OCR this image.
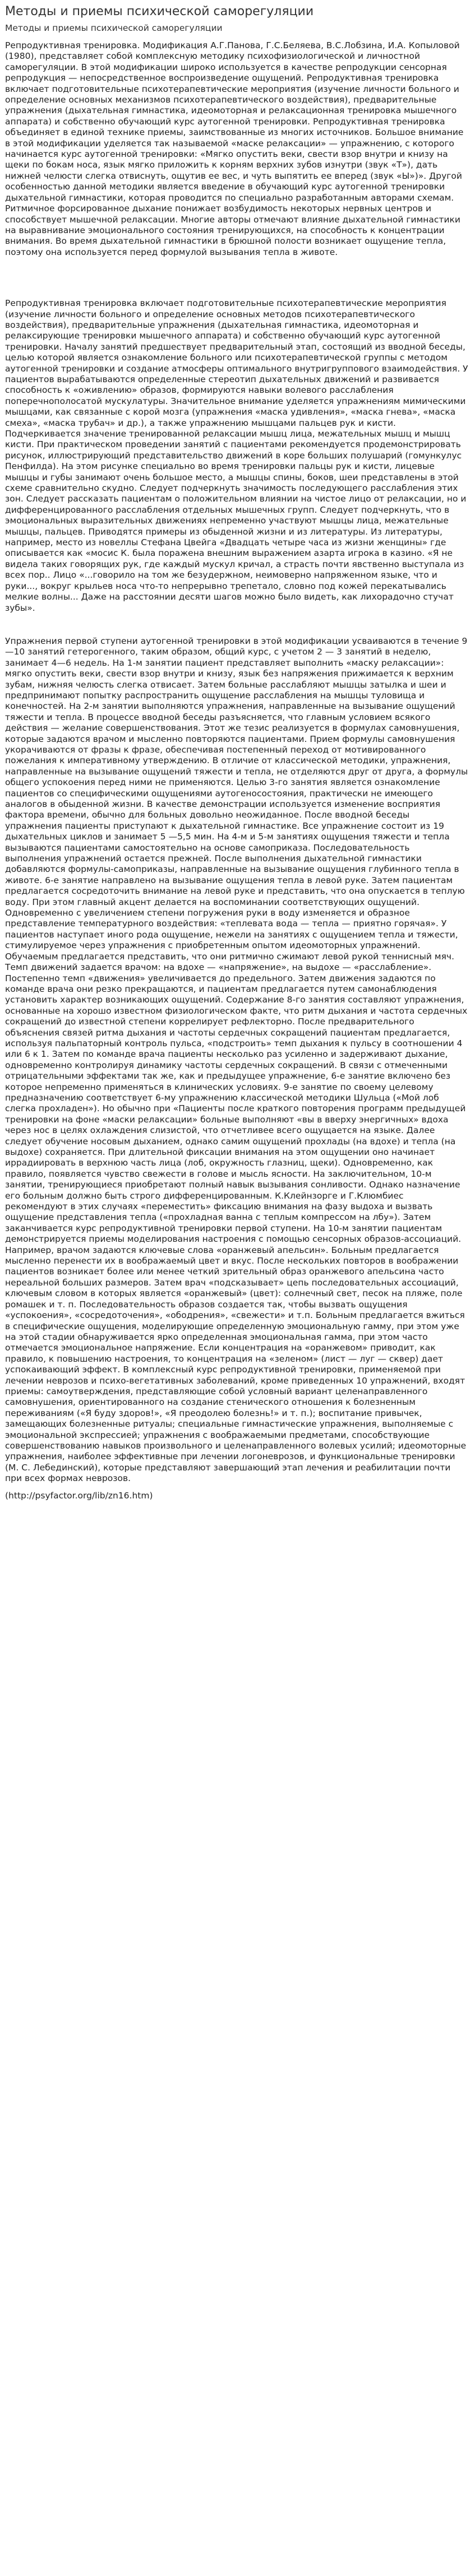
Методы и приемы психической саморегуляции
Методы и приемы психической саморегуляции

Репродуктивная тренировка. Модификация А.Г.Панова, Г.С.Беляева, В.С.Лобзина, И.А. Копыловой (1980), представляет собой комплексную методику психофизиологической и личностной саморегуляции. В этой модификации широко используется в качестве репродукции сенсорная репродукция — непосредственное воспроизведение ощущений. Репродуктивная тренировка включает подготовительные психотерапевтические мероприятия (изучение личности больного и определение основных механизмов психотерапевтического воздействия), предварительные упражнения (дыхательная гимнастика, идеомоторная и релаксационная тренировка мышечного аппарата) и собственно обучающий курс аутогенной тренировки. Репродуктивная тренировка объединяет в единой технике приемы, заимствованные из многих источников. Большое внимание в этой модификации уделяется так называемой «маске релаксации» — упражнению, с которого начинается курс аутогенной тренировки: «Мягко опустить веки, свести взор внутри и книзу на щеки по бокам носа, язык мягко приложить к корням верхних зубов изнутри (звук «Т»), дать нижней челюсти слегка отвиснуть, ощутив ее вес, и чуть выпятить ее вперед (звук «Ы»)». Другой особенностью данной методики является введение в обучающий курс аутогенной тренировки дыхательной гимнастики, которая проводится по специально разработанным авторами схемам. Ритмичное форсированное дыхание понижает возбудимость некоторых нервных центров и способствует мышечной релаксации. Многие авторы отмечают влияние дыхательной гимнастики на выравнивание эмоционального состояния тренирующихся, на способность к концентрации внимания. Во время дыхательной гимнастики в брюшной полости возникает ощущение тепла, поэтому она используется перед формулой вызывания тепла в животе.

Репродуктивная тренировка включает подготовительные психотерапевтические мероприятия (изучение личности больного и определение основных методов психотерапевтического воздействия), предварительные упражнения (дыхательная гимнастика, идеомоторная и релаксирующие тренировки мышечного аппарата) и собственно обучающий курс аутогенной тренировки. Началу занятий предшествует предварительный этап, состоящий из вводной беседы, целью которой является ознакомление больного или психотерапевтической группы с методом аутогенной тренировки и создание атмосферы оптимального внутригруппового взаимодействия. У пациентов вырабатываются определенные стереотип дыхательных движений и развивается способность к «оживлению» образов, формируются навыки волевого расслабления поперечнополосатой мускулатуры. Значительное внимание уделяется упражнениям мимическими мышцами, как связанные с корой мозга (упражнения «маска удивления», «маска гнева», «маска смеха», «маска трубач» и др.), а также упражнению мышцами пальцев рук и кисти. Подчеркивается значение тренированной релаксации мышц лица, межательных мышц и мышц кисти. При практическом проведении занятий с пациентами рекомендуется продемонстрировать рисунок, иллюстрирующий представительство движений в коре больших полушарий (гомункулус Пенфилда). На этом рисунке специально во время тренировки пальцы рук и кисти, лицевые мышцы и губы занимают очень большое место, а мышцы спины, боков, шеи представлены в этой схеме сравнительно скудно. Следует подчеркнуть значимость последующего расслабления этих зон. Следует рассказать пациентам о положительном влиянии на чистое лицо от релаксации, но и дифференцированного расслабления отдельных мышечных групп. Следует подчеркнуть, что в эмоциональных выразительных движениях непременно участвуют мышцы лица, межательные мышцы, пальцев. Приводятся примеры из обыденной жизни и из литературы. Из литературы, например, место из новеллы Стефана Цвейга «Двадцать четыре часа из жизни женщины» где описывается как «мосис К. была поражена внешним выражением азарта игрока в казино. «Я не видела таких говорящих рук, где каждый мускул кричал, а страсть почти явственно выступала из всех пор.. Лицо «...говорило на том же безудержном, неимоверно напряженном языке, что и руки..., вокруг крыльев носа что-то непрерывно трепетало, словно под кожей перекатывались мелкие волны... Даже на расстоянии десяти шагов можно было видеть, как лихорадочно стучат зубы».

Упражнения первой ступени аутогенной тренировки в этой модификации усваиваются в течение 9—10 занятий гетерогенного, таким образом, общий курс, с учетом 2 — 3 занятий в неделю, занимает 4—6 недель. На 1-м занятии пациент представляет выполнить «маску релаксации»: мягко опустить веки, свести взор внутри и книзу, язык без напряжения прижимается к верхним зубам, нижняя челюсть слегка отвисает. Затем больные расслабляют мышцы затылка и шеи и предпринимают попытку распространить ощущение расслабления на мышцы туловища и конечностей. На 2-м занятии выполняются упражнения, направленные на вызывание ощущений тяжести и тепла. В процессе вводной беседы разъясняется, что главным условием всякого действия — желание совершенствования. Этот же тезис реализуется в формулах самовнушения, которые задаются врачом и мысленно повторяются пациентами. Прием формулы самовнушения укорачиваются от фразы к фразе, обеспечивая постепенный переход от мотивированного пожелания к императивному утверждению. В отличие от классической методики, упражнения, направленные на вызывание ощущений тяжести и тепла, не отделяются друг от друга, а формулы общего успокоения перед ними не применяются. Целью 3-го занятия является ознакомление пациентов со специфическими ощущениями аутогеносостояния, практически не имеющего аналогов в обыденной жизни. В качестве демонстрации используется изменение восприятия фактора времени, обычно для больных довольно неожиданное. После вводной беседы упражнения пациенты приступают к дыхательной гимнастике. Все упражнение состоит из 19 дыхательных циклов и занимает 5 —5,5 мин. На 4-м и 5-м занятиях ощущения тяжести и тепла вызываются пациентами самостоятельно на основе самоприказа. Последовательность выполнения упражнений остается прежней. После выполнения дыхательной гимнастики добавляются формулы-самоприказы, направленные на вызывание ощущения глубинного тепла в животе. 6-е занятие направлено на вызывание ощущения тепла в левой руке. Затем пациентам предлагается сосредоточить внимание на левой руке и представить, что она опускается в теплую воду. При этом главный акцент делается на воспоминании соответствующих ощущений. Одновременно с увеличением степени погружения руки в воду изменяется и образное представление температурного воздействия: «теплевата вода — тепла — приятно горячая». У пациентов наступает иного рода ощущение, нежели на занятиях с ощущением тепла и тяжести, стимулируемое через упражнения с приобретенным опытом идеомоторных упражнений. Обучаемым предлагается представить, что они ритмично сжимают левой рукой теннисный мяч. Темп движений задается врачом: на вдохе — «напряжение», на выдохе — «расслабление». Постепенно темп «движения» увеличивается до предельного. Затем движения задаются по команде врача они резко прекращаются, и пациентам предлагается путем самонаблюдения установить характер возникающих ощущений. Содержание 8-го занятия составляют упражнения, основанные на хорошо известном физиологическом факте, что ритм дыхания и частота сердечных сокращений до известной степени коррелирует рефлекторно. После предварительного объяснения связей ритма дыхания и частоты сердечных сокращений пациентам предлагается, используя пальпаторный контроль пульса, «подстроить» темп дыхания к пульсу в соотношении 4 или 6 к 1. Затем по команде врача пациенты несколько раз усиленно и задерживают дыхание, одновременно контролируя динамику частоты сердечных сокращений. В связи с отмеченными отрицательными эффектами так же, как и предыдущее упражнение, 6-е занятие включено без которое непременно применяться в клинических условиях. 9-е занятие по своему целевому предназначению соответствует 6-му упражнению классической методики Шульца («Мой лоб слегка прохладен»). Но обычно при «Пациенты после краткого повторения программ предыдущей тренировки на фоне «маски релаксации» больные выполняют «вы в вверху энергичных» вдоха через нос в целях охлаждения слизистой, что отчетливее всего ощущается на языке. Далее следует обучение носовым дыханием, однако самим ощущений прохлады (на вдохе) и тепла (на выдохе) сохраняется. При длительной фиксации внимания на этом ощущении оно начинает иррадиировать в верхнюю часть лица (лоб, окружность глазниц, щеки). Одновременно, как правило, появляется чувство свежести в голове и мысль ясности. На заключительном, 10-м занятии, тренирующиеся приобретают полный навык вызывания сонливости. Однако назначение его больным должно быть строго дифференцированным. К.Клейнзорге и Г.Клюмбиес рекомендуют в этих случаях «переместить» фиксацию внимания на фазу выдоха и вызвать ощущение представления теплa («прохладная ванна с теплым компрессом на лбу»). Затем заканчивается курс репродуктивной тренировки первой ступени. На 10-м занятии пациентам демонстрируется приемы моделирования настроения с помощью сенсорных образов-ассоциаций. Например, врачом задаются ключевые слова «оранжевый апельсин». Больным предлагается мысленно перенести их в воображаемый цвет и вкус. После нескольких повторов в воображении пациентов возникает более или менее четкий зрительный образ оранжевого апельсина часто нереальной больших размеров. Затем врач «подсказывает» цепь последовательных ассоциаций, ключевым словом в которых является «оранжевый» (цвет): солнечный свет, песок на пляже, поле ромашек и т. п. Последовательность образов создается так, чтобы вызвать ощущения «успокоения», «сосредоточения», «ободрения», «свежести» и т.п. Больным предлагается вжиться в специфические ощущения, моделирующие определенную эмоциональную гамму, при этом уже на этой стадии обнаруживается ярко определенная эмоциональная гамма, при этом часто отмечается эмоциональное напряжение. Если концентрация на «оранжевом» приводит, как правило, к повышению настроения, то концентрация на «зеленом» (лист — луг — сквер) дает успокаивающий эффект. В комплексный курс репродуктивной тренировки, применяемой при лечении неврозов и психо-вегетативных заболеваний, кроме приведенных 10 упражнений, входят приемы: самоутверждения, представляющие собой условный вариант целенаправленного самовнушения, ориентированного на создание стенического отношения к болезненным переживаниям («Я буду здоров!», «Я преодолею болезнь!» и т. п.); воспитание привычек, замещающих болезненные ритуалы; специальные гимнастические упражнения, выполняемые с эмоциональной экспрессией; упражнения с воображаемыми предметами, способствующие совершенствованию навыков произвольного и целенаправленного волевых усилий; идеомоторные упражнения, наиболее эффективные при лечении логоневрозов, и функциональные тренировки (М. С. Лебединский), которые представляют завершающий этап лечения и реабилитации почти при всех формах неврозов.

(http://psyfactor.org/lib/zn16.htm)
